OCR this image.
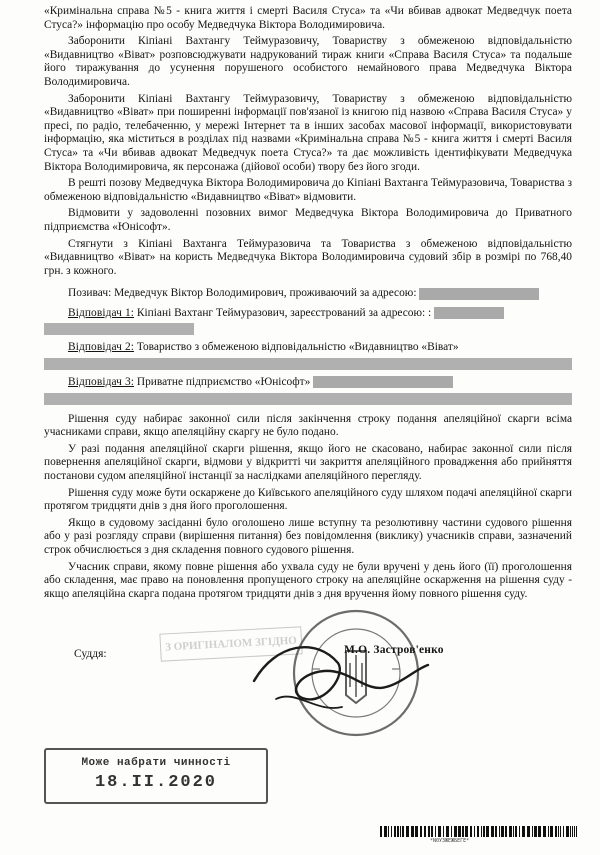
«Кримінальна справа №5 - книга життя і смерті Василя Стуса» та «Чи вбивав адвокат Медведчук поета Стуса?» інформацію про особу Медведчука Віктора Володимировича.

Заборонити Кіпіані Вахтангу Теймуразовичу, Товариству з обмеженою відповідальністю «Видавництво «Віват» розповсюджувати надрукований тираж книги «Справа Василя Стуса» та подальше його тиражування до усунення порушеного особистого немайнового права Медведчука Віктора Володимировича.

Заборонити Кіпіані Вахтангу Теймуразовичу, Товариству з обмеженою відповідальністю «Видавництво «Віват» при поширенні інформації пов'язаної із книгою під назвою «Справа Василя Стуса» у пресі, по радіо, телебаченню, у мережі Інтернет та в інших засобах масової інформації, використовувати інформацію, яка міститься в розділах під назвами «Кримінальна справа №5 - книга життя і смерті Василя Стуса» та «Чи вбивав адвокат Медведчук поета Стуса?» та дає можливість ідентифікувати Медведчука Віктора Володимировича, як персонажа (дійової особи) твору без його згоди.

В решті позову Медведчука Віктора Володимировича до Кіпіані Вахтанга Теймуразовича, Товариства з обмеженою відповідальністю «Видавництво «Віват» відмовити.

Відмовити у задоволенні позовних вимог Медведчука Віктора Володимировича до Приватного підприємства «Юнісофт».

Стягнути з Кіпіані Вахтанга Теймуразовича та Товариства з обмеженою відповідальністю «Видавництво «Віват» на користь Медведчука Віктора Володимировича судовий збір в розмірі по 768,40 грн. з кожного.

Позивач: Медведчук Віктор Володимирович, проживаючий за адресою:
Відповідач 1: Кіпіані Вахтанг Теймуразович, зареєстрований за адресою: :
Відповідач 2: Товариство з обмеженою відповідальністю «Видавництво «Віват»
Відповідач 3: Приватне підприємство «Юнісофт»

Рішення суду набирає законної сили після закінчення строку подання апеляційної скарги всіма учасниками справи, якщо апеляційну скаргу не було подано.

У разі подання апеляційної скарги рішення, якщо його не скасовано, набирає законної сили після повернення апеляційної скарги, відмови у відкритті чи закриття апеляційного провадження або прийняття постанови судом апеляційної інстанції за наслідками апеляційного перегляду.

Рішення суду може бути оскаржене до Київського апеляційного суду шляхом подачі апеляційної скарги протягом тридцяти днів з дня його проголошення.

Якщо в судовому засіданні було оголошено лише вступну та резолютивну частини судового рішення або у разі розгляду справи (вирішення питання) без повідомлення (виклику) учасників справи, зазначений строк обчислюється з дня складення повного судового рішення.

Учасник справи, якому повне рішення або ухвала суду не були вручені у день його (її) проголошення або складення, має право на поновлення пропущеного строку на апеляційне оскарження на рішення суду - якщо апеляційна скарга подана протягом тридцяти днів з дня вручення йому повного рішення суду.

З ОРИГІНАЛОМ ЗГІДНО
Суддя:	М.О. Застров'енко
Може набрати чинності
18.II.2020
*N0УЗЖЕЖБЕГЕ*
